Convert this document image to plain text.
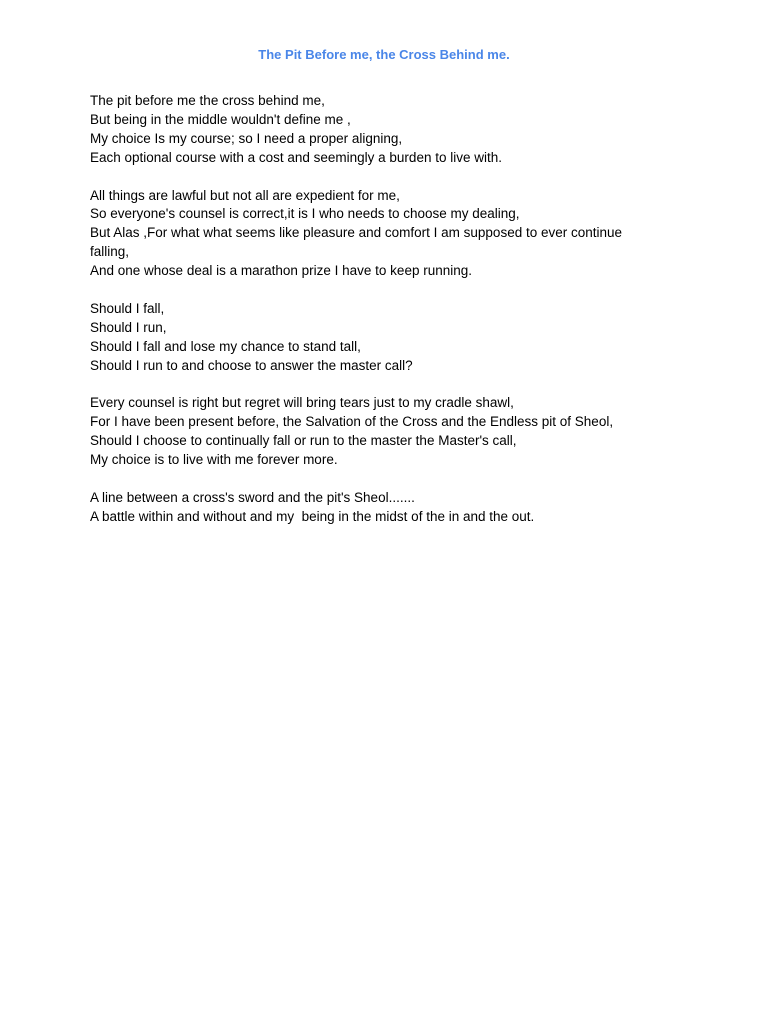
The Pit Before me, the Cross Behind me.
The pit before me the cross behind me,
But being in the middle wouldn't define me ,
My choice Is my course; so I need a proper aligning,
Each optional course with a cost and seemingly a burden to live with.
All things are lawful but not all are expedient for me,
So everyone's counsel is correct,it is I who needs to choose my dealing,
But Alas ,For what what seems like pleasure and comfort I am supposed to ever continue
falling,
And one whose deal is a marathon prize I have to keep running.
Should I fall,
Should I run,
Should I fall and lose my chance to stand tall,
Should I run to and choose to answer the master call?
Every counsel is right but regret will bring tears just to my cradle shawl,
For I have been present before, the Salvation of the Cross and the Endless pit of Sheol,
Should I choose to continually fall or run to the master the Master's call,
My choice is to live with me forever more.
A line between a cross's sword and the pit's Sheol.......
A battle within and without and my  being in the midst of the in and the out.
